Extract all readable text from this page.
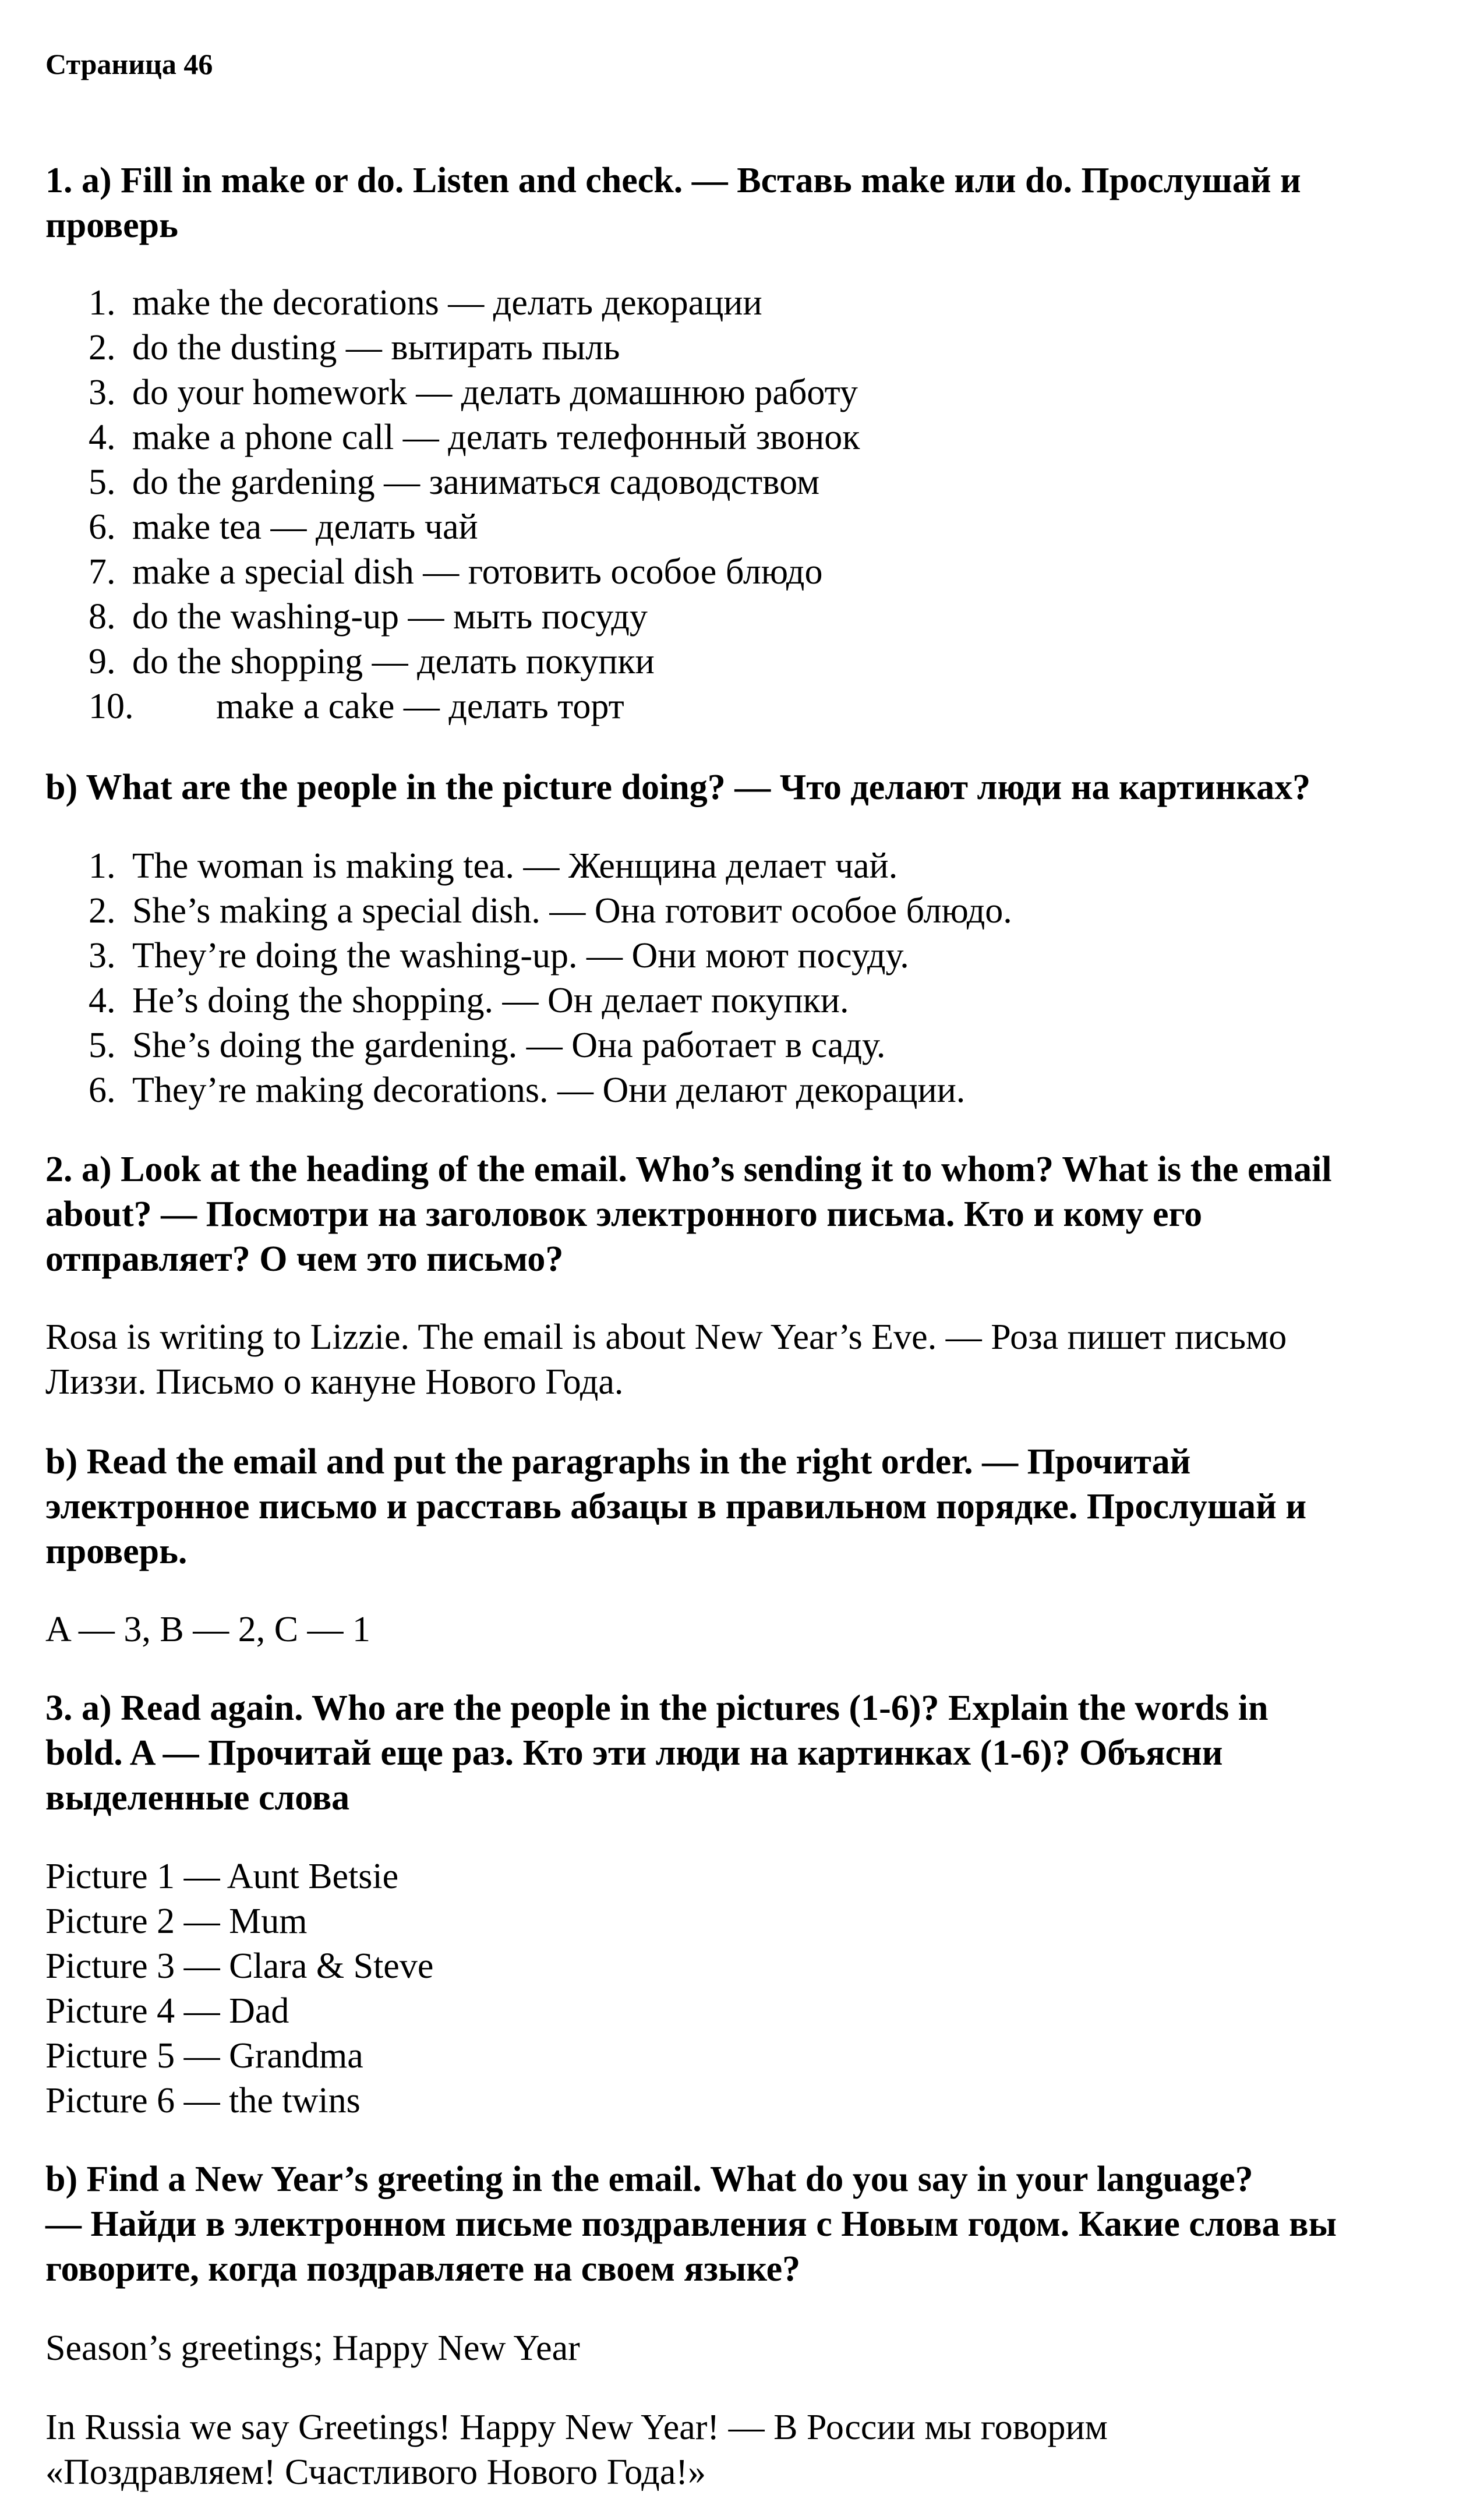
Страница 46
1. a) Fill in make or do. Listen and check. — Вставь make или do. Прослушай и
проверь
1. make the decorations — делать декорации
2. do the dusting — вытирать пыль
3. do your homework — делать домашнюю работу
4. make a phone call — делать телефонный звонок
5. do the gardening — заниматься садоводством
6. make tea — делать чай
7. make a special dish — готовить особое блюдо
8. do the washing-up — мыть посуду
9. do the shopping — делать покупки
10. make a cake — делать торт
b) What are the people in the picture doing? — Что делают люди на картинках?
1. The woman is making tea. — Женщина делает чай.
2. She’s making a special dish. — Она готовит особое блюдо.
3. They’re doing the washing-up. — Они моют посуду.
4. He’s doing the shopping. — Он делает покупки.
5. She’s doing the gardening. — Она работает в саду.
6. They’re making decorations. — Они делают декорации.
2. a) Look at the heading of the email. Who’s sending it to whom? What is the email
about? — Посмотри на заголовок электронного письма. Кто и кому его
отправляет? О чем это письмо?
Rosa is writing to Lizzie. The email is about New Year’s Eve. — Роза пишет письмо
Лиззи. Письмо о кануне Нового Года.
b) Read the email and put the paragraphs in the right order. — Прочитай
электронное письмо и расставь абзацы в правильном порядке. Прослушай и
проверь.
A — 3, B — 2, C — 1
3. a) Read again. Who are the people in the pictures (1-6)? Explain the words in
bold. A — Прочитай еще раз. Кто эти люди на картинках (1-6)? Объясни
выделенные слова
Picture 1 — Aunt Betsie
Picture 2 — Mum
Picture 3 — Clara & Steve
Picture 4 — Dad
Picture 5 — Grandma
Picture 6 — the twins
b) Find a New Year’s greeting in the email. What do you say in your language?
— Найди в электронном письме поздравления с Новым годом. Какие слова вы
говорите, когда поздравляете на своем языке?
Season’s greetings; Happy New Year
In Russia we say Greetings! Happy New Year! — В России мы говорим
«Поздравляем! Счастливого Нового Года!»
